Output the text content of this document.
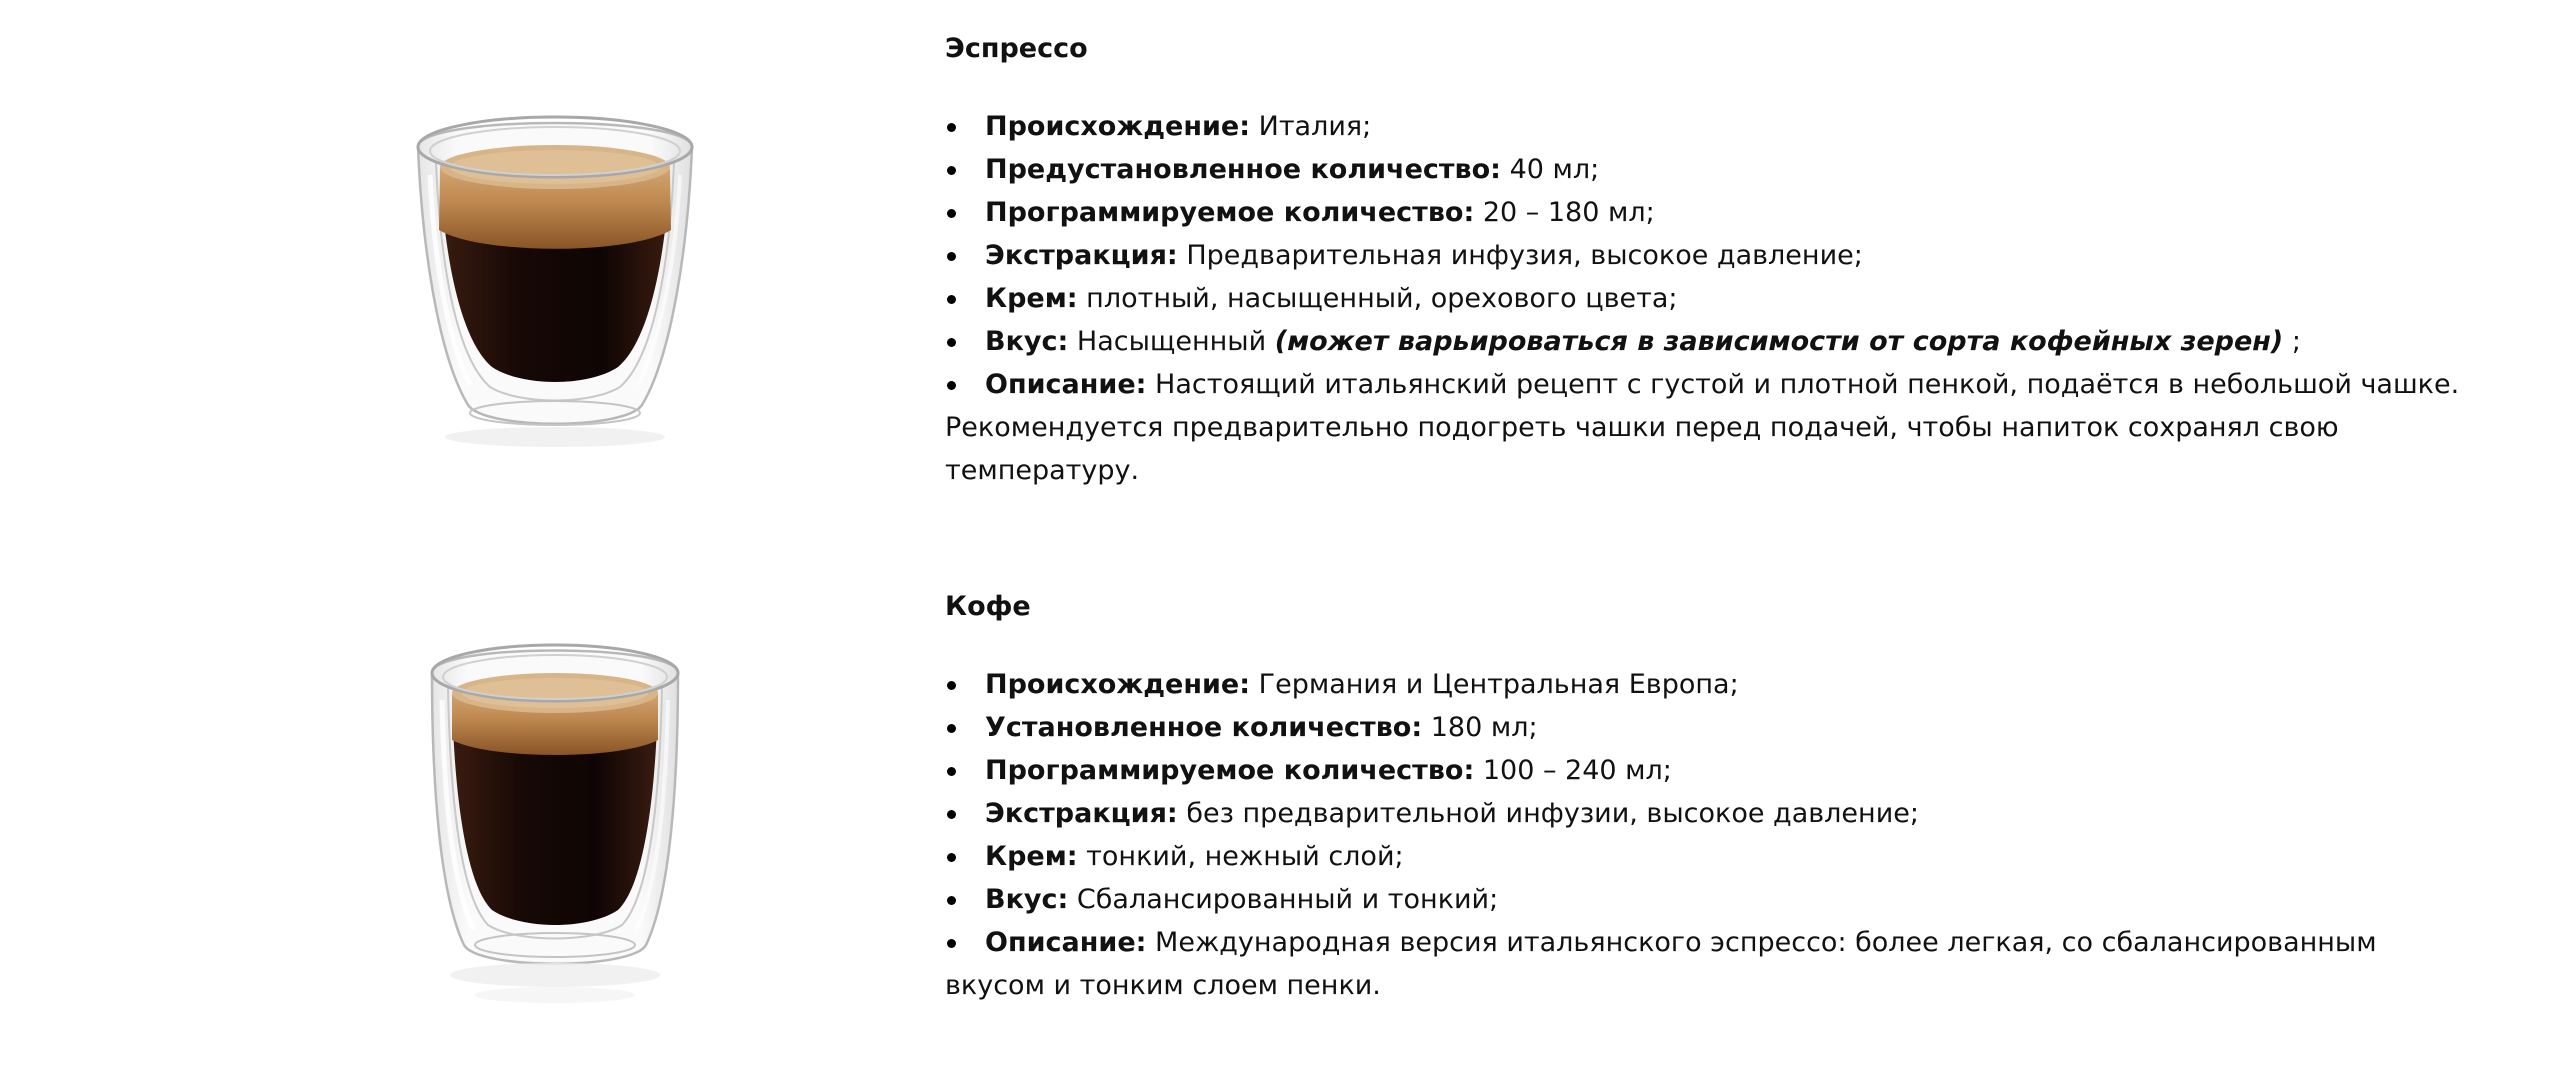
Эспрессо
Происхождение: Италия;
Предустановленное количество: 40 мл;
Программируемое количество: 20 – 180 мл;
Экстракция: Предварительная инфузия, высокое давление;
Крем: плотный, насыщенный, орехового цвета;
Вкус: Насыщенный (может варьироваться в зависимости от сорта кофейных зерен) ;
Описание: Настоящий итальянский рецепт с густой и плотной пенкой, подаётся в небольшой чашке.
Рекомендуется предварительно подогреть чашки перед подачей, чтобы напиток сохранял свою температуру.
Кофе
Происхождение: Германия и Центральная Европа;
Установленное количество: 180 мл;
Программируемое количество: 100 – 240 мл;
Экстракция: без предварительной инфузии, высокое давление;
Крем: тонкий, нежный слой;
Вкус: Сбалансированный и тонкий;
Описание: Международная версия итальянского эспрессо: более легкая, со сбалансированным
вкусом и тонким слоем пенки.
